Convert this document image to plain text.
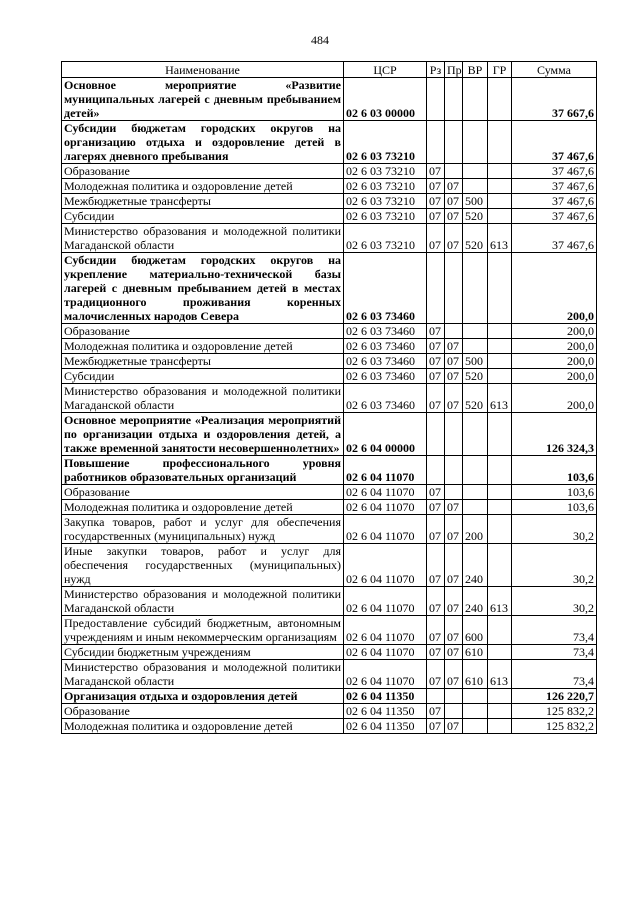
484
Наименование	ЦСР	Рз	Пр	ВР	ГР	Сумма
Основное мероприятие «Развитие муниципальных лагерей с дневным пребыванием детей»	02 6 03 00000					37 667,6
Субсидии бюджетам городских округов на организацию отдыха и оздоровление детей в лагерях дневного пребывания	02 6 03 73210					37 467,6
Образование	02 6 03 73210	07				37 467,6
Молодежная политика и оздоровление детей	02 6 03 73210	07	07			37 467,6
Межбюджетные трансферты	02 6 03 73210	07	07	500		37 467,6
Субсидии	02 6 03 73210	07	07	520		37 467,6
Министерство образования и молодежной политики Магаданской области	02 6 03 73210	07	07	520	613	37 467,6
Субсидии бюджетам городских округов на укрепление материально-технической базы лагерей с дневным пребыванием детей в местах традиционного проживания коренных малочисленных народов Севера	02 6 03 73460					200,0
Образование	02 6 03 73460	07				200,0
Молодежная политика и оздоровление детей	02 6 03 73460	07	07			200,0
Межбюджетные трансферты	02 6 03 73460	07	07	500		200,0
Субсидии	02 6 03 73460	07	07	520		200,0
Министерство образования и молодежной политики Магаданской области	02 6 03 73460	07	07	520	613	200,0
Основное мероприятие «Реализация мероприятий по организации отдыха и оздоровления детей, а также временной занятости несовершеннолетних»	02 6 04 00000					126 324,3
Повышение профессионального уровня работников образовательных организаций	02 6 04 11070					103,6
Образование	02 6 04 11070	07				103,6
Молодежная политика и оздоровление детей	02 6 04 11070	07	07			103,6
Закупка товаров, работ и услуг для обеспечения государственных (муниципальных) нужд	02 6 04 11070	07	07	200		30,2
Иные закупки товаров, работ и услуг для обеспечения государственных (муниципальных) нужд	02 6 04 11070	07	07	240		30,2
Министерство образования и молодежной политики Магаданской области	02 6 04 11070	07	07	240	613	30,2
Предоставление субсидий бюджетным, автономным учреждениям и иным некоммерческим организациям	02 6 04 11070	07	07	600		73,4
Субсидии бюджетным учреждениям	02 6 04 11070	07	07	610		73,4
Министерство образования и молодежной политики Магаданской области	02 6 04 11070	07	07	610	613	73,4
Организация отдыха и оздоровления детей	02 6 04 11350					126 220,7
Образование	02 6 04 11350	07				125 832,2
Молодежная политика и оздоровление детей	02 6 04 11350	07	07			125 832,2
